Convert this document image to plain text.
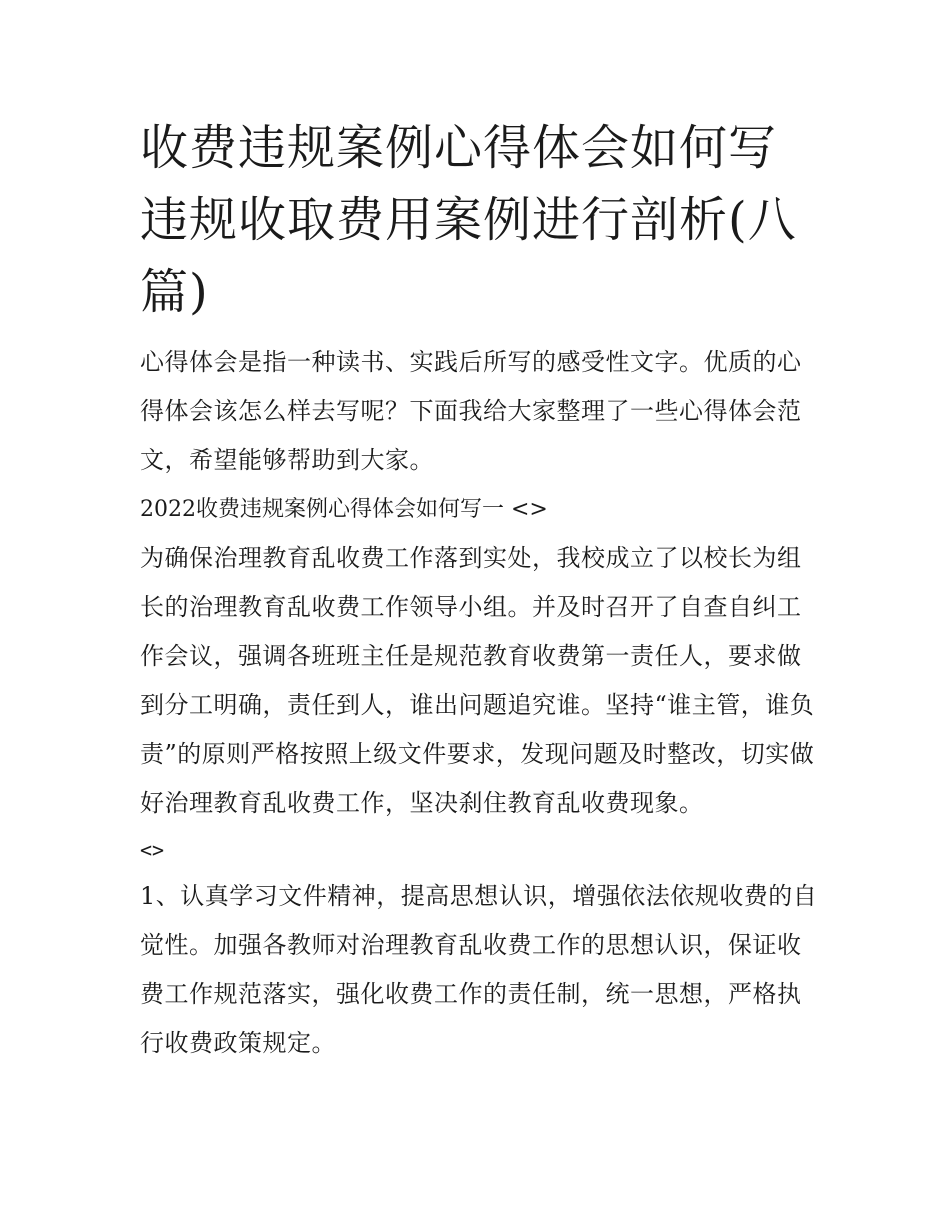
收费违规案例心得体会如何写违规收取费用案例进行剖析(八篇)

心得体会是指一种读书、实践后所写的感受性文字。优质的心得体会该怎么样去写呢？下面我给大家整理了一些心得体会范文，希望能够帮助到大家。

2022收费违规案例心得体会如何写一 <>

为确保治理教育乱收费工作落到实处，我校成立了以校长为组长的治理教育乱收费工作领导小组。并及时召开了自查自纠工作会议，强调各班班主任是规范教育收费第一责任人，要求做到分工明确，责任到人，谁出问题追究谁。坚持“谁主管，谁负责”的原则严格按照上级文件要求，发现问题及时整改，切实做好治理教育乱收费工作，坚决刹住教育乱收费现象。

<>

1、认真学习文件精神，提高思想认识，增强依法依规收费的自觉性。加强各教师对治理教育乱收费工作的思想认识，保证收费工作规范落实，强化收费工作的责任制，统一思想，严格执行收费政策规定。
